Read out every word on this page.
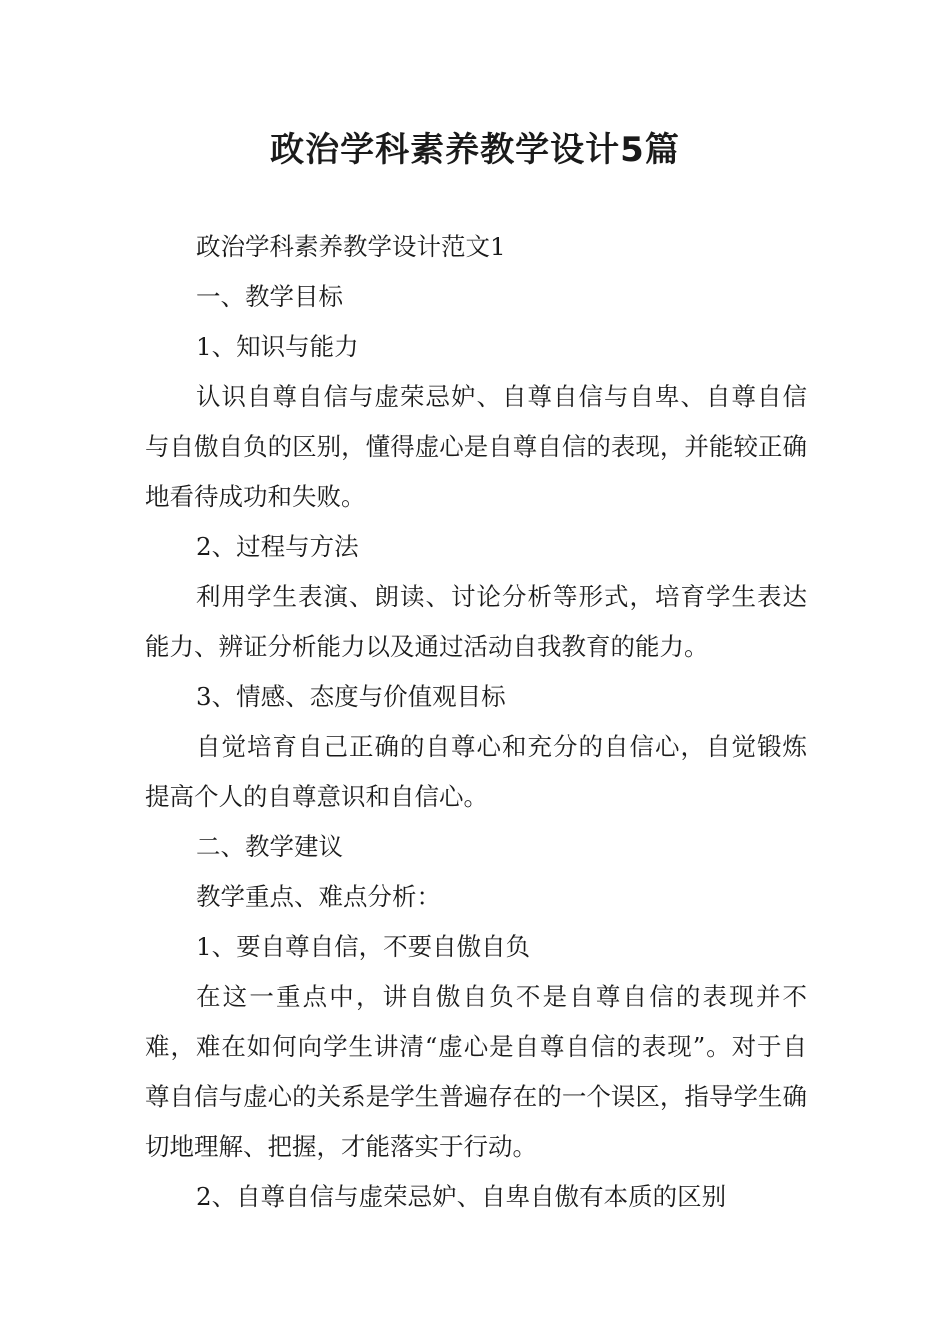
政治学科素养教学设计5篇

政治学科素养教学设计范文1

一、教学目标

1、知识与能力

认识自尊自信与虚荣忌妒、自尊自信与自卑、自尊自信与自傲自负的区别，懂得虚心是自尊自信的表现，并能较正确地看待成功和失败。

2、过程与方法

利用学生表演、朗读、讨论分析等形式，培育学生表达能力、辨证分析能力以及通过活动自我教育的能力。

3、情感、态度与价值观目标

自觉培育自己正确的自尊心和充分的自信心，自觉锻炼提高个人的自尊意识和自信心。

二、教学建议

教学重点、难点分析：

1、要自尊自信，不要自傲自负

在这一重点中，讲自傲自负不是自尊自信的表现并不难，难在如何向学生讲清“虚心是自尊自信的表现”。对于自尊自信与虚心的关系是学生普遍存在的一个误区，指导学生确切地理解、把握，才能落实于行动。

2、自尊自信与虚荣忌妒、自卑自傲有本质的区别
